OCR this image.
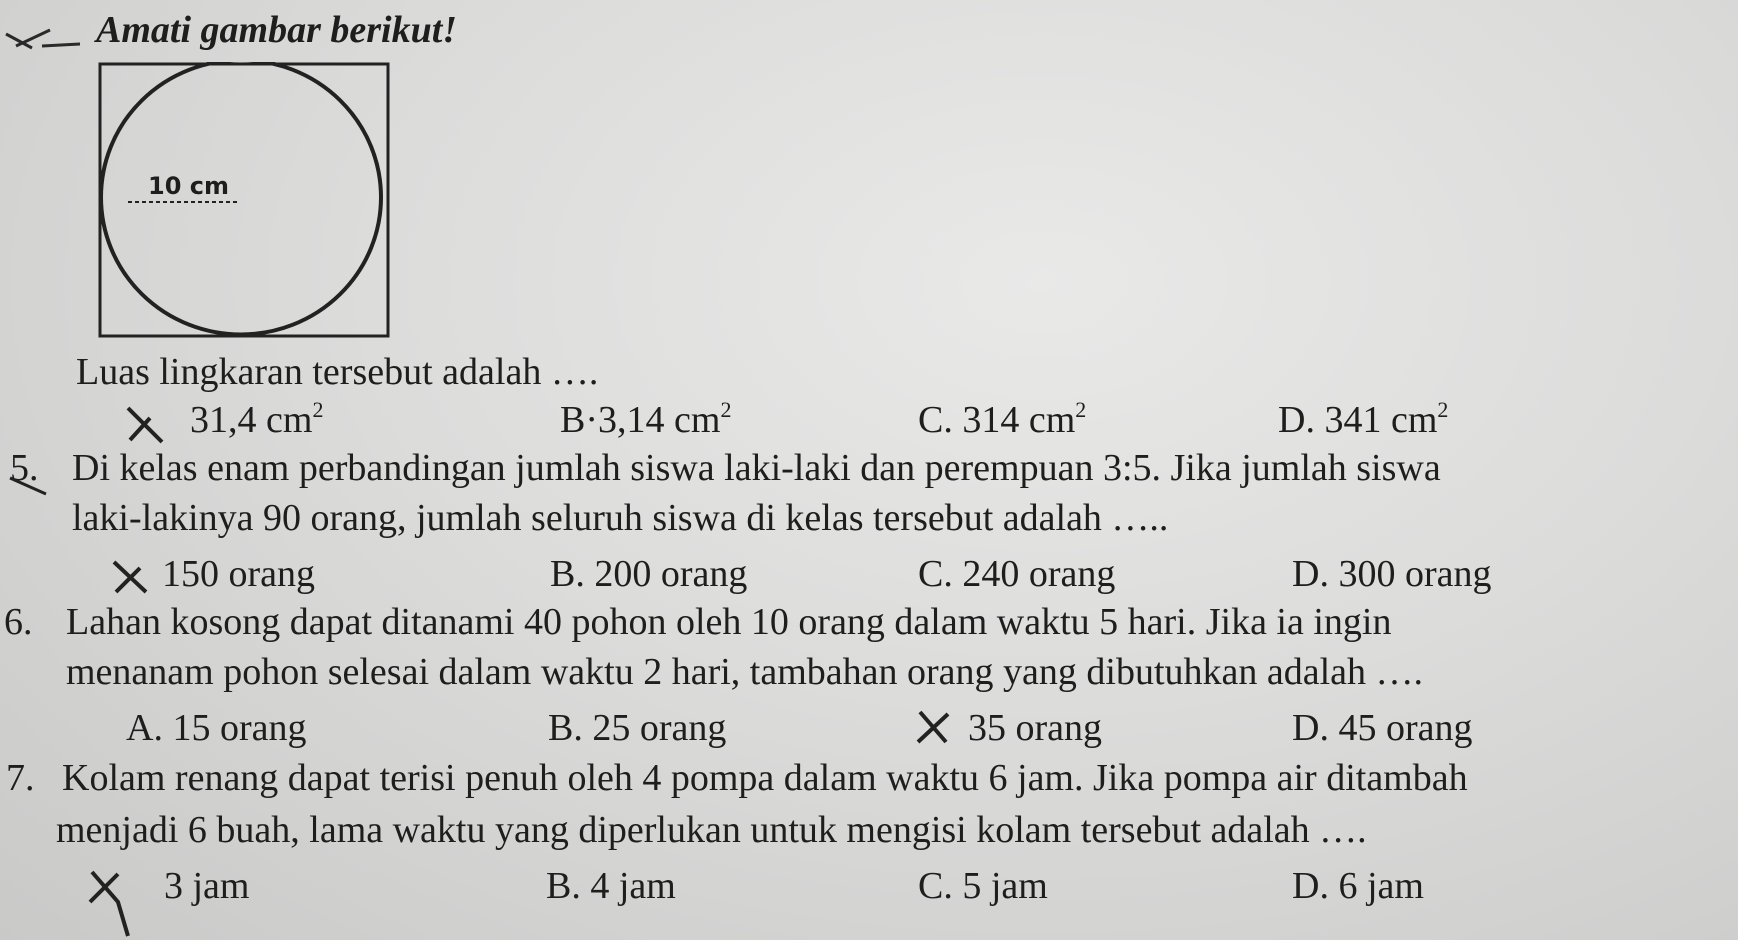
Amati gambar berikut!
10 cm
Luas lingkaran tersebut adalah ….
31,4 $cm^2$	B·3,14 $cm^2$	C. 314 $cm^2$	D. 341 $cm^2$
5. Di kelas enam perbandingan jumlah siswa laki-laki dan perempuan 3:5. Jika jumlah siswa
laki-lakinya 90 orang, jumlah seluruh siswa di kelas tersebut adalah …..
150 orang	B. 200 orang	C. 240 orang	D. 300 orang
6. Lahan kosong dapat ditanami 40 pohon oleh 10 orang dalam waktu 5 hari. Jika ia ingin
menanam pohon selesai dalam waktu 2 hari, tambahan orang yang dibutuhkan adalah ….
A. 15 orang	B. 25 orang	35 orang	D. 45 orang
7. Kolam renang dapat terisi penuh oleh 4 pompa dalam waktu 6 jam. Jika pompa air ditambah
menjadi 6 buah, lama waktu yang diperlukan untuk mengisi kolam tersebut adalah ….
3 jam	B. 4 jam	C. 5 jam	D. 6 jam
